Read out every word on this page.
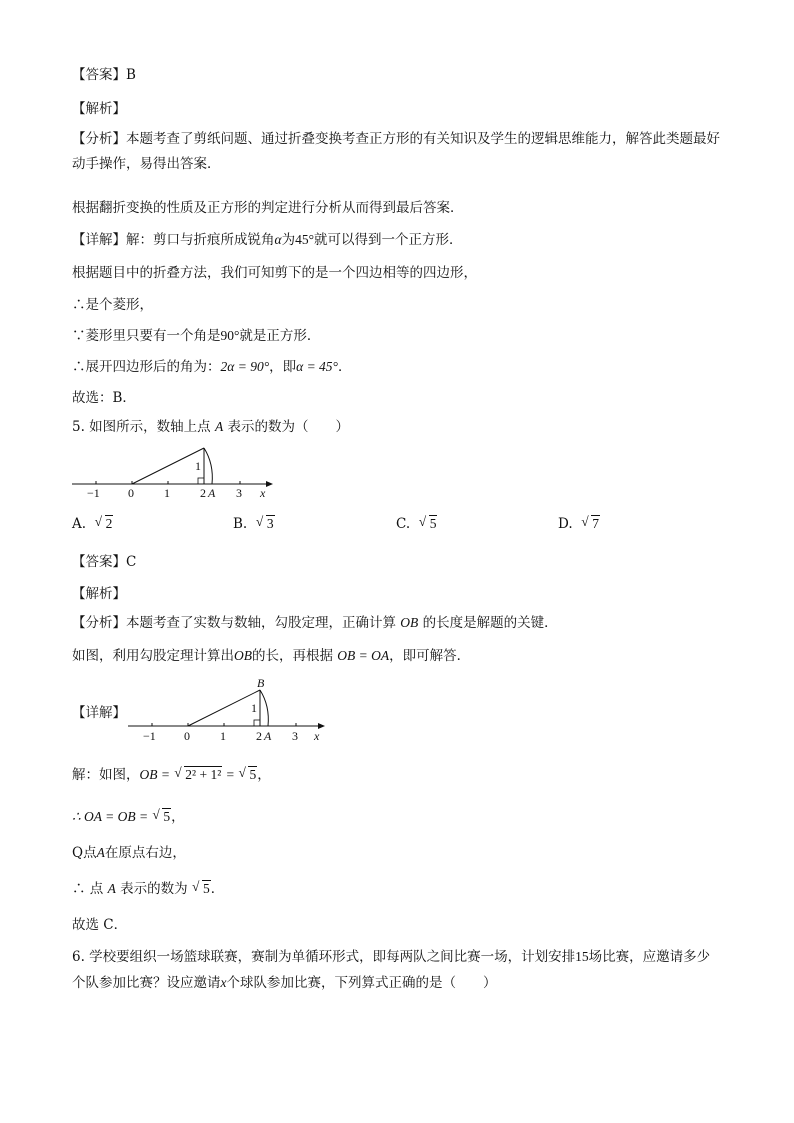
【答案】B
【解析】
【分析】本题考查了剪纸问题、通过折叠变换考查正方形的有关知识及学生的逻辑思维能力，解答此类题最好动手操作，易得出答案．
根据翻折变换的性质及正方形的判定进行分析从而得到最后答案．
【详解】解：剪口与折痕所成锐角α为45°就可以得到一个正方形．
根据题目中的折叠方法，我们可知剪下的是一个四边相等的四边形，
∴是个菱形，
∵菱形里只要有一个角是90°就是正方形．
∴展开四边形后的角为：2α = 90°，即α = 45°．
故选：B．
5. 如图所示，数轴上点 A 表示的数为（　　）
1
−1 0	1	2 A 3 x
A. √ 2	B. √ 3	C. √ 5	D. √ 7
【答案】C
【解析】
【分析】本题考查了实数与数轴，勾股定理，正确计算 OB 的长度是解题的关键．
如图，利用勾股定理计算出OB的长，再根据 OB = OA，即可解答．
【详解】
B
1
−1 0	1	2 A 3 x
解：如图，OB = √ 2² + 1² = √ 5，
∴ OA = OB = √ 5，
Q点A在原点右边，
∴ 点 A 表示的数为 √ 5．
故选 C．
6. 学校要组织一场篮球联赛，赛制为单循环形式，即每两队之间比赛一场，计划安排15场比赛，应邀请多少个队参加比赛？设应邀请x个球队参加比赛，下列算式正确的是（　　）
